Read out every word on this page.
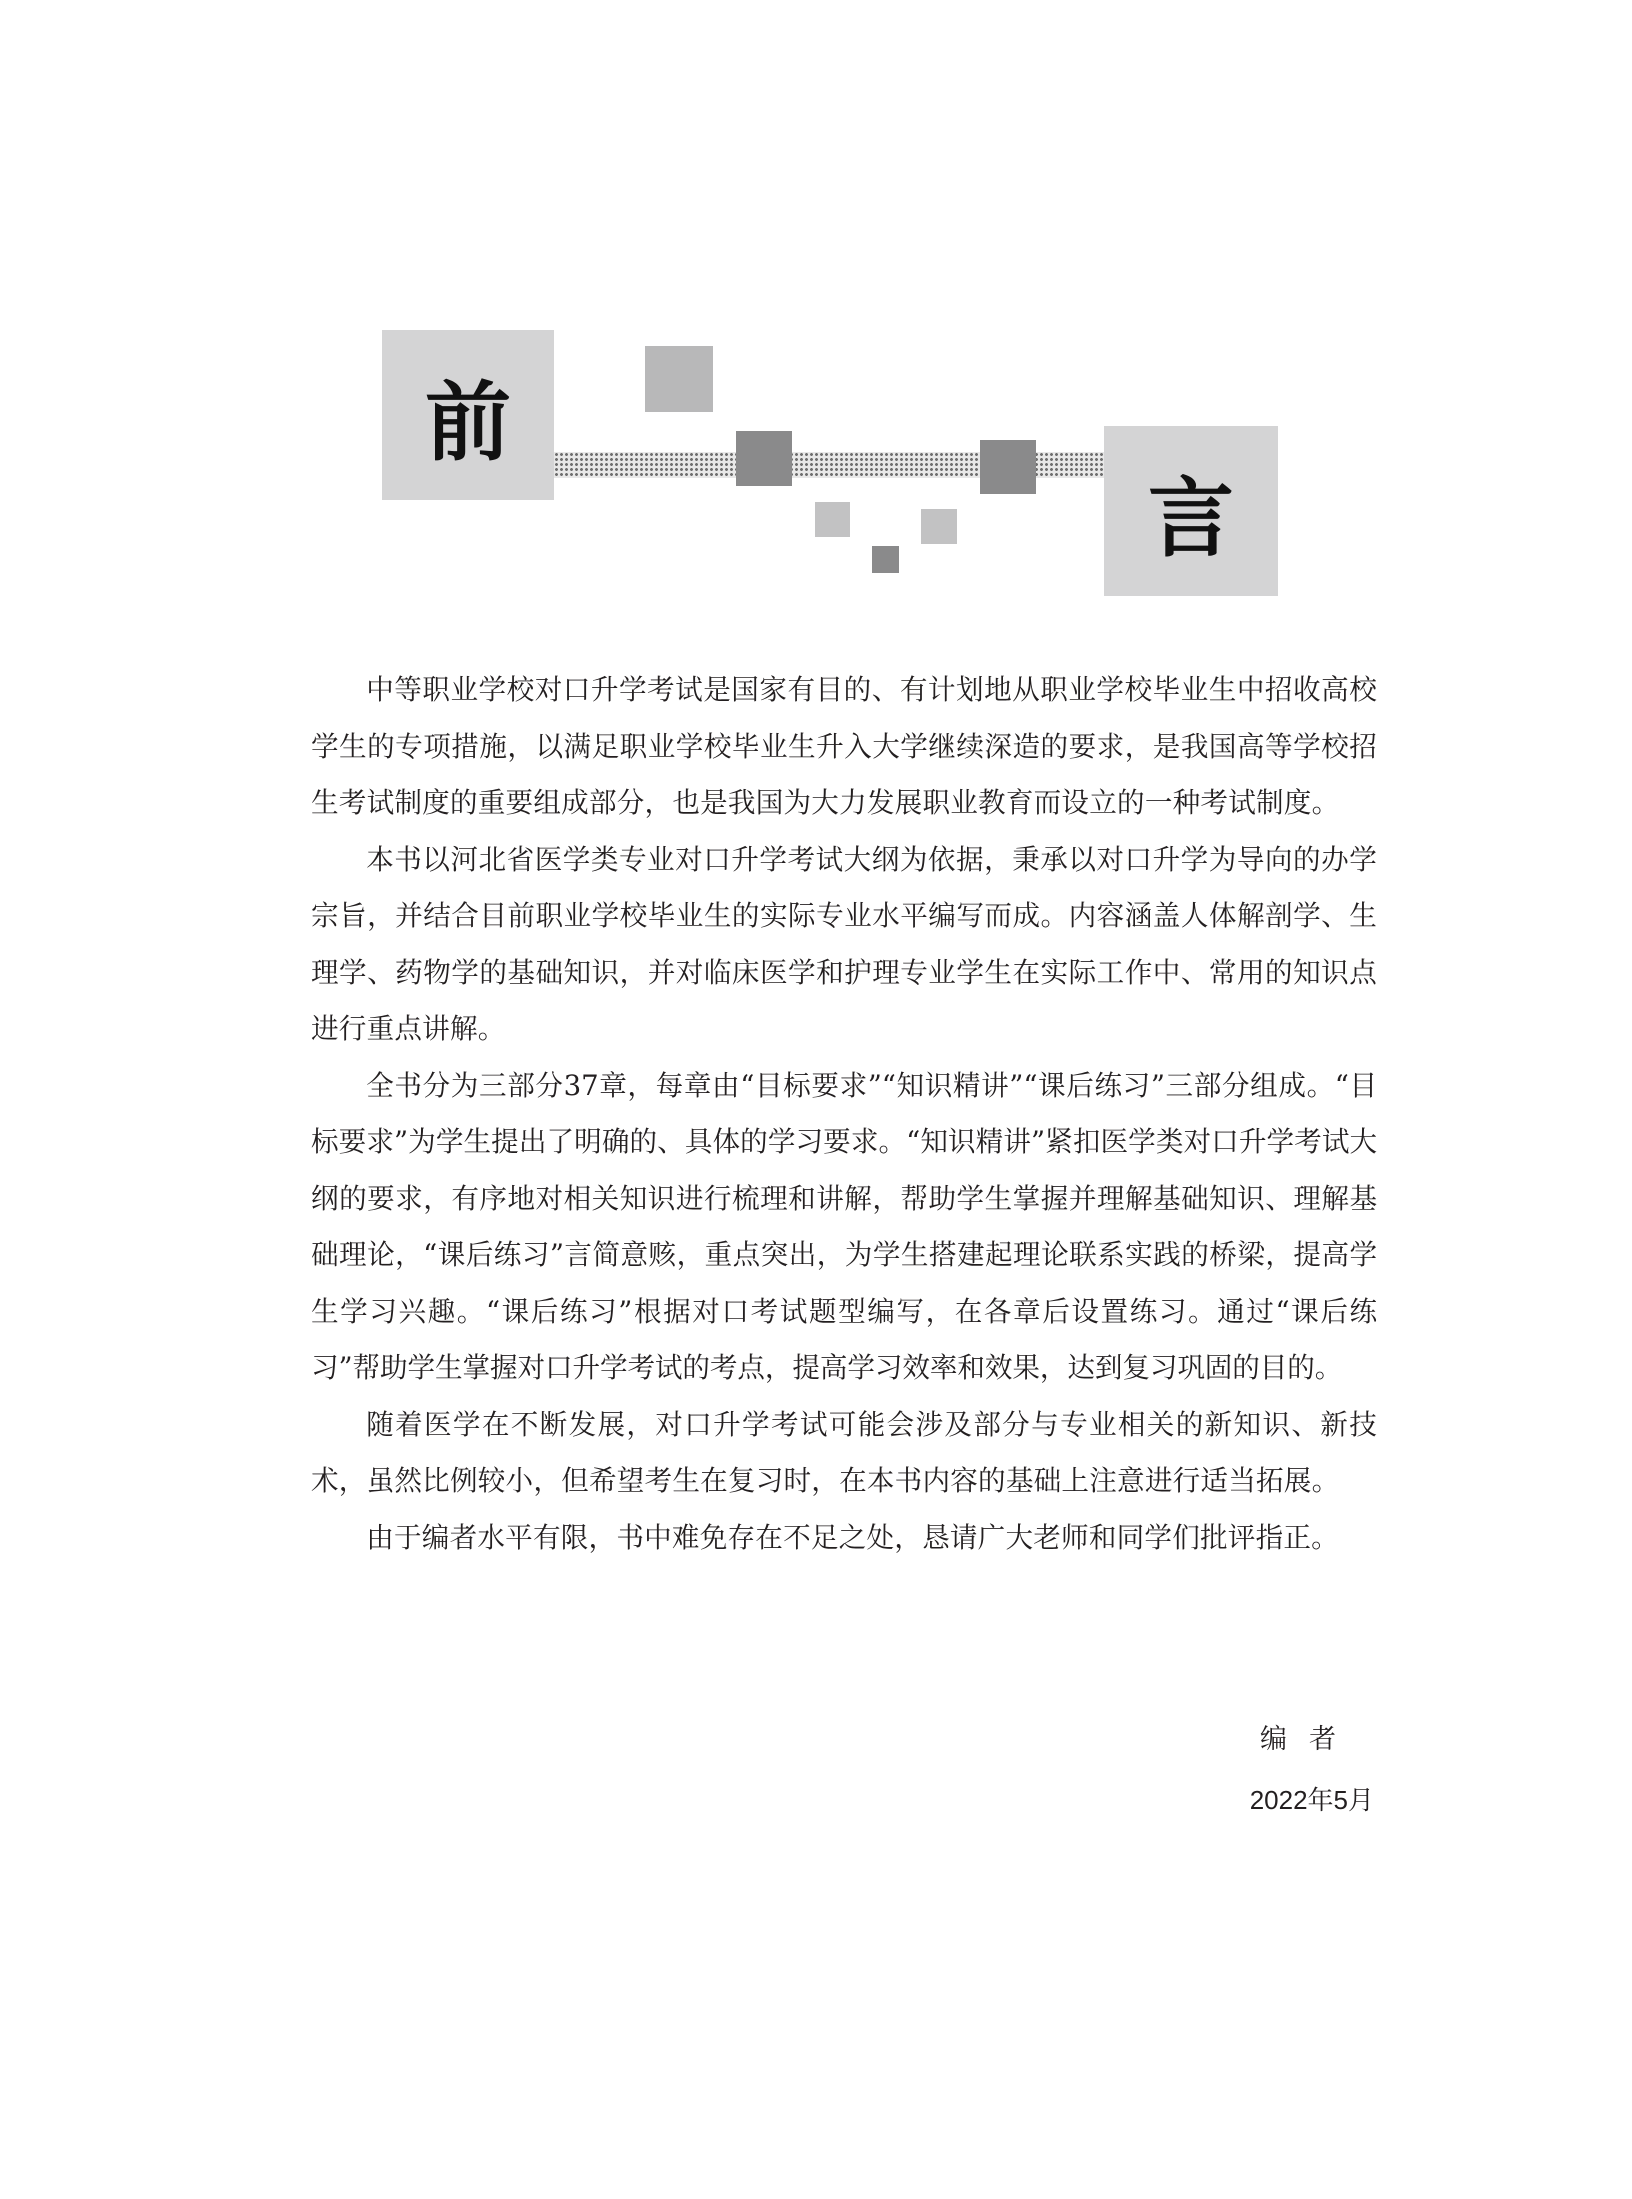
前
言

中等职业学校对口升学考试是国家有目的、有计划地从职业学校毕业生中招收高校学生的专项措施，以满足职业学校毕业生升入大学继续深造的要求，是我国高等学校招生考试制度的重要组成部分，也是我国为大力发展职业教育而设立的一种考试制度。

本书以河北省医学类专业对口升学考试大纲为依据，秉承以对口升学为导向的办学宗旨，并结合目前职业学校毕业生的实际专业水平编写而成。内容涵盖人体解剖学、生理学、药物学的基础知识，并对临床医学和护理专业学生在实际工作中、常用的知识点进行重点讲解。

全书分为三部分37章，每章由“目标要求”“知识精讲”“课后练习”三部分组成。“目标要求”为学生提出了明确的、具体的学习要求。“知识精讲”紧扣医学类对口升学考试大纲的要求，有序地对相关知识进行梳理和讲解，帮助学生掌握并理解基础知识、理解基础理论，“课后练习”言简意赅，重点突出，为学生搭建起理论联系实践的桥梁，提高学生学习兴趣。“课后练习”根据对口考试题型编写，在各章后设置练习。通过“课后练习”帮助学生掌握对口升学考试的考点，提高学习效率和效果，达到复习巩固的目的。

随着医学在不断发展，对口升学考试可能会涉及部分与专业相关的新知识、新技术，虽然比例较小，但希望考生在复习时，在本书内容的基础上注意进行适当拓展。

由于编者水平有限，书中难免存在不足之处，恳请广大老师和同学们批评指正。

编者
2022年5月
